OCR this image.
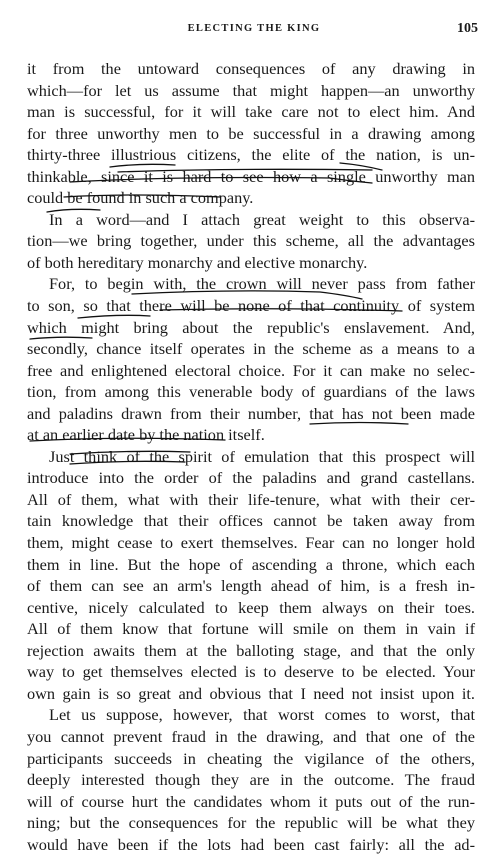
ELECTING THE KING	105
it from the untoward consequences of any drawing in
which—for let us assume that might happen—an unworthy
man is successful, for it will take care not to elect him. And
for three unworthy men to be successful in a drawing among
thirty-three illustrious citizens, the elite of the nation, is un-
thinkable, since it is hard to see how a single unworthy man
could be found in such a company.
In a word—and I attach great weight to this observa-
tion—we bring together, under this scheme, all the advantages
of both hereditary monarchy and elective monarchy.
For, to begin with, the crown will never pass from father
to son, so that there will be none of that continuity of system
which might bring about the republic's enslavement. And,
secondly, chance itself operates in the scheme as a means to a
free and enlightened electoral choice. For it can make no selec-
tion, from among this venerable body of guardians of the laws
and paladins drawn from their number, that has not been made
at an earlier date by the nation itself.
Just think of the spirit of emulation that this prospect will
introduce into the order of the paladins and grand castellans.
All of them, what with their life-tenure, what with their cer-
tain knowledge that their offices cannot be taken away from
them, might cease to exert themselves. Fear can no longer hold
them in line. But the hope of ascending a throne, which each
of them can see an arm's length ahead of him, is a fresh in-
centive, nicely calculated to keep them always on their toes.
All of them know that fortune will smile on them in vain if
rejection awaits them at the balloting stage, and that the only
way to get themselves elected is to deserve to be elected. Your
own gain is so great and obvious that I need not insist upon it.
Let us suppose, however, that worst comes to worst, that
you cannot prevent fraud in the drawing, and that one of the
participants succeeds in cheating the vigilance of the others,
deeply interested though they are in the outcome. The fraud
will of course hurt the candidates whom it puts out of the run-
ning; but the consequences for the republic will be what they
would have been if the lots had been cast fairly: all the ad-
